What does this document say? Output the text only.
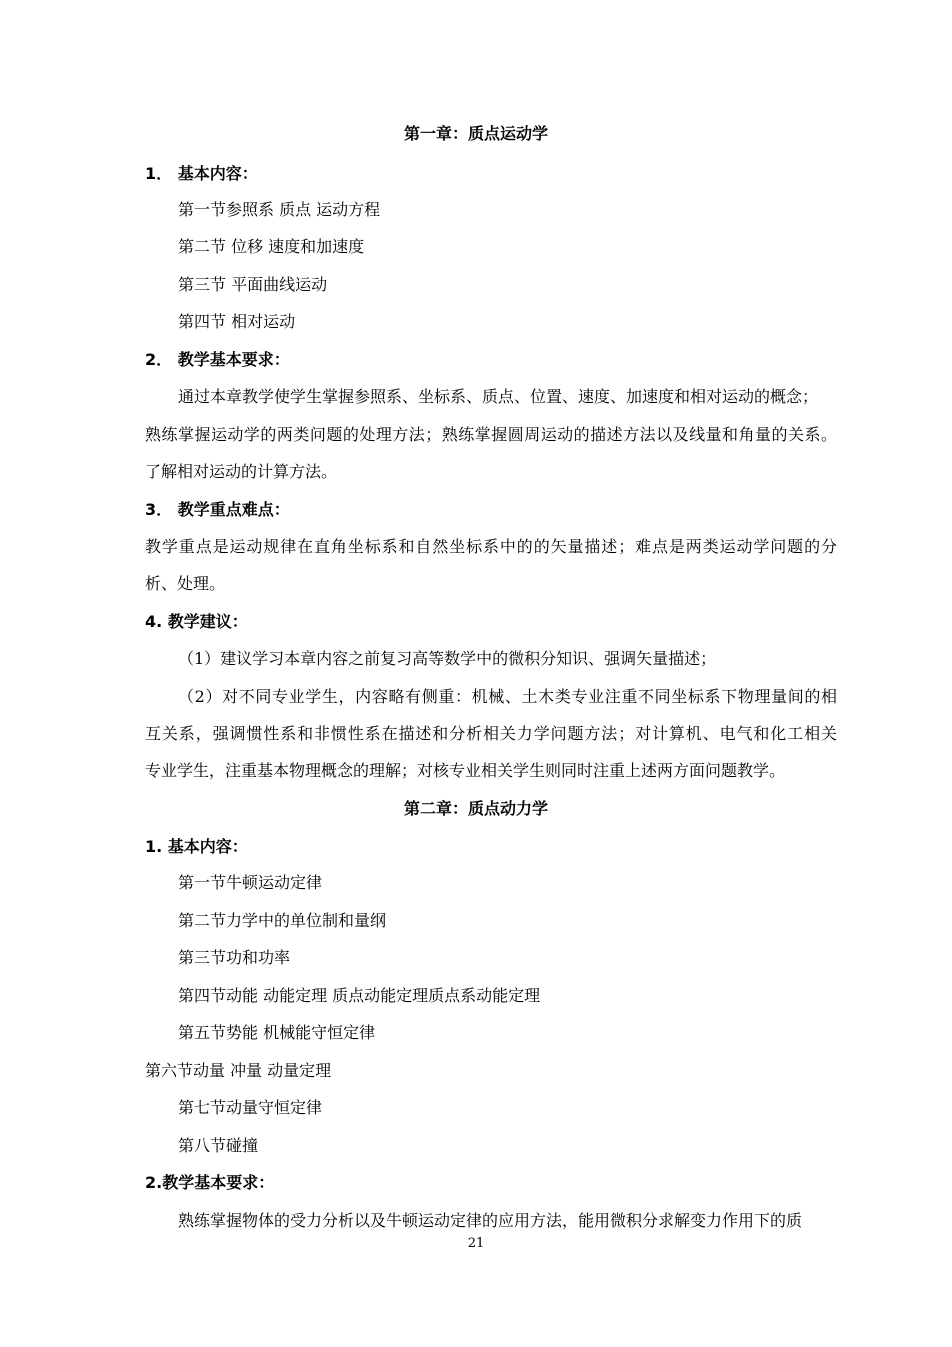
第一章：质点运动学
1． 基本内容：
第一节参照系 质点 运动方程
第二节 位移 速度和加速度
第三节 平面曲线运动
第四节 相对运动
2． 教学基本要求：
通过本章教学使学生掌握参照系、坐标系、质点、位置、速度、加速度和相对运动的概念；
熟练掌握运动学的两类问题的处理方法；熟练掌握圆周运动的描述方法以及线量和角量的关系。
了解相对运动的计算方法。
3． 教学重点难点：
教学重点是运动规律在直角坐标系和自然坐标系中的的矢量描述；难点是两类运动学问题的分
析、处理。
4. 教学建议：
（1）建议学习本章内容之前复习高等数学中的微积分知识、强调矢量描述；
（2）对不同专业学生，内容略有侧重：机械、土木类专业注重不同坐标系下物理量间的相
互关系，强调惯性系和非惯性系在描述和分析相关力学问题方法；对计算机、电气和化工相关
专业学生，注重基本物理概念的理解；对核专业相关学生则同时注重上述两方面问题教学。
第二章：质点动力学
1. 基本内容：
第一节牛顿运动定律
第二节力学中的单位制和量纲
第三节功和功率
第四节动能 动能定理 质点动能定理质点系动能定理
第五节势能 机械能守恒定律
第六节动量 冲量 动量定理
第七节动量守恒定律
第八节碰撞
2.教学基本要求：
熟练掌握物体的受力分析以及牛顿运动定律的应用方法，能用微积分求解变力作用下的质
21
